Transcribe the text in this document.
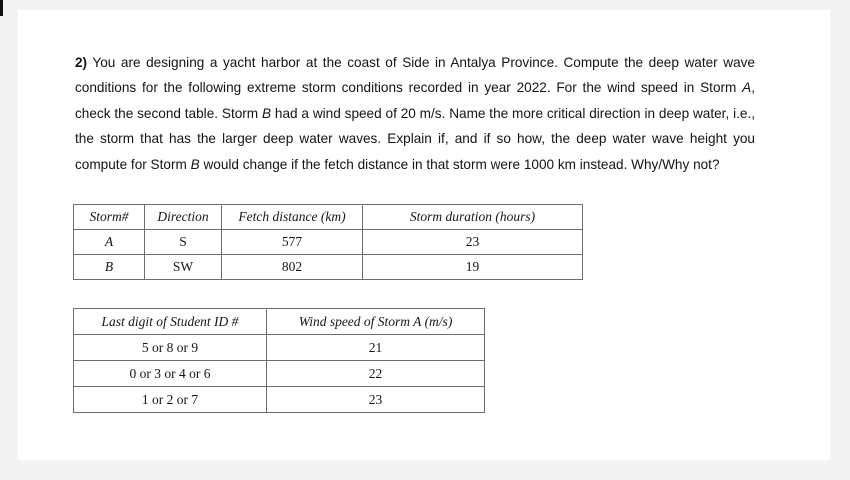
2) You are designing a yacht harbor at the coast of Side in Antalya Province. Compute the deep water wave conditions for the following extreme storm conditions recorded in year 2022. For the wind speed in Storm A, check the second table. Storm B had a wind speed of 20 m/s. Name the more critical direction in deep water, i.e., the storm that has the larger deep water waves. Explain if, and if so how, the deep water wave height you compute for Storm B would change if the fetch distance in that storm were 1000 km instead. Why/Why not?
Storm#	Direction	Fetch distance (km)	Storm duration (hours)
A	S	577	23
B	SW	802	19
Last digit of Student ID #	Wind speed of Storm A (m/s)
5 or 8 or 9	21
0 or 3 or 4 or 6	22
1 or 2 or 7	23
